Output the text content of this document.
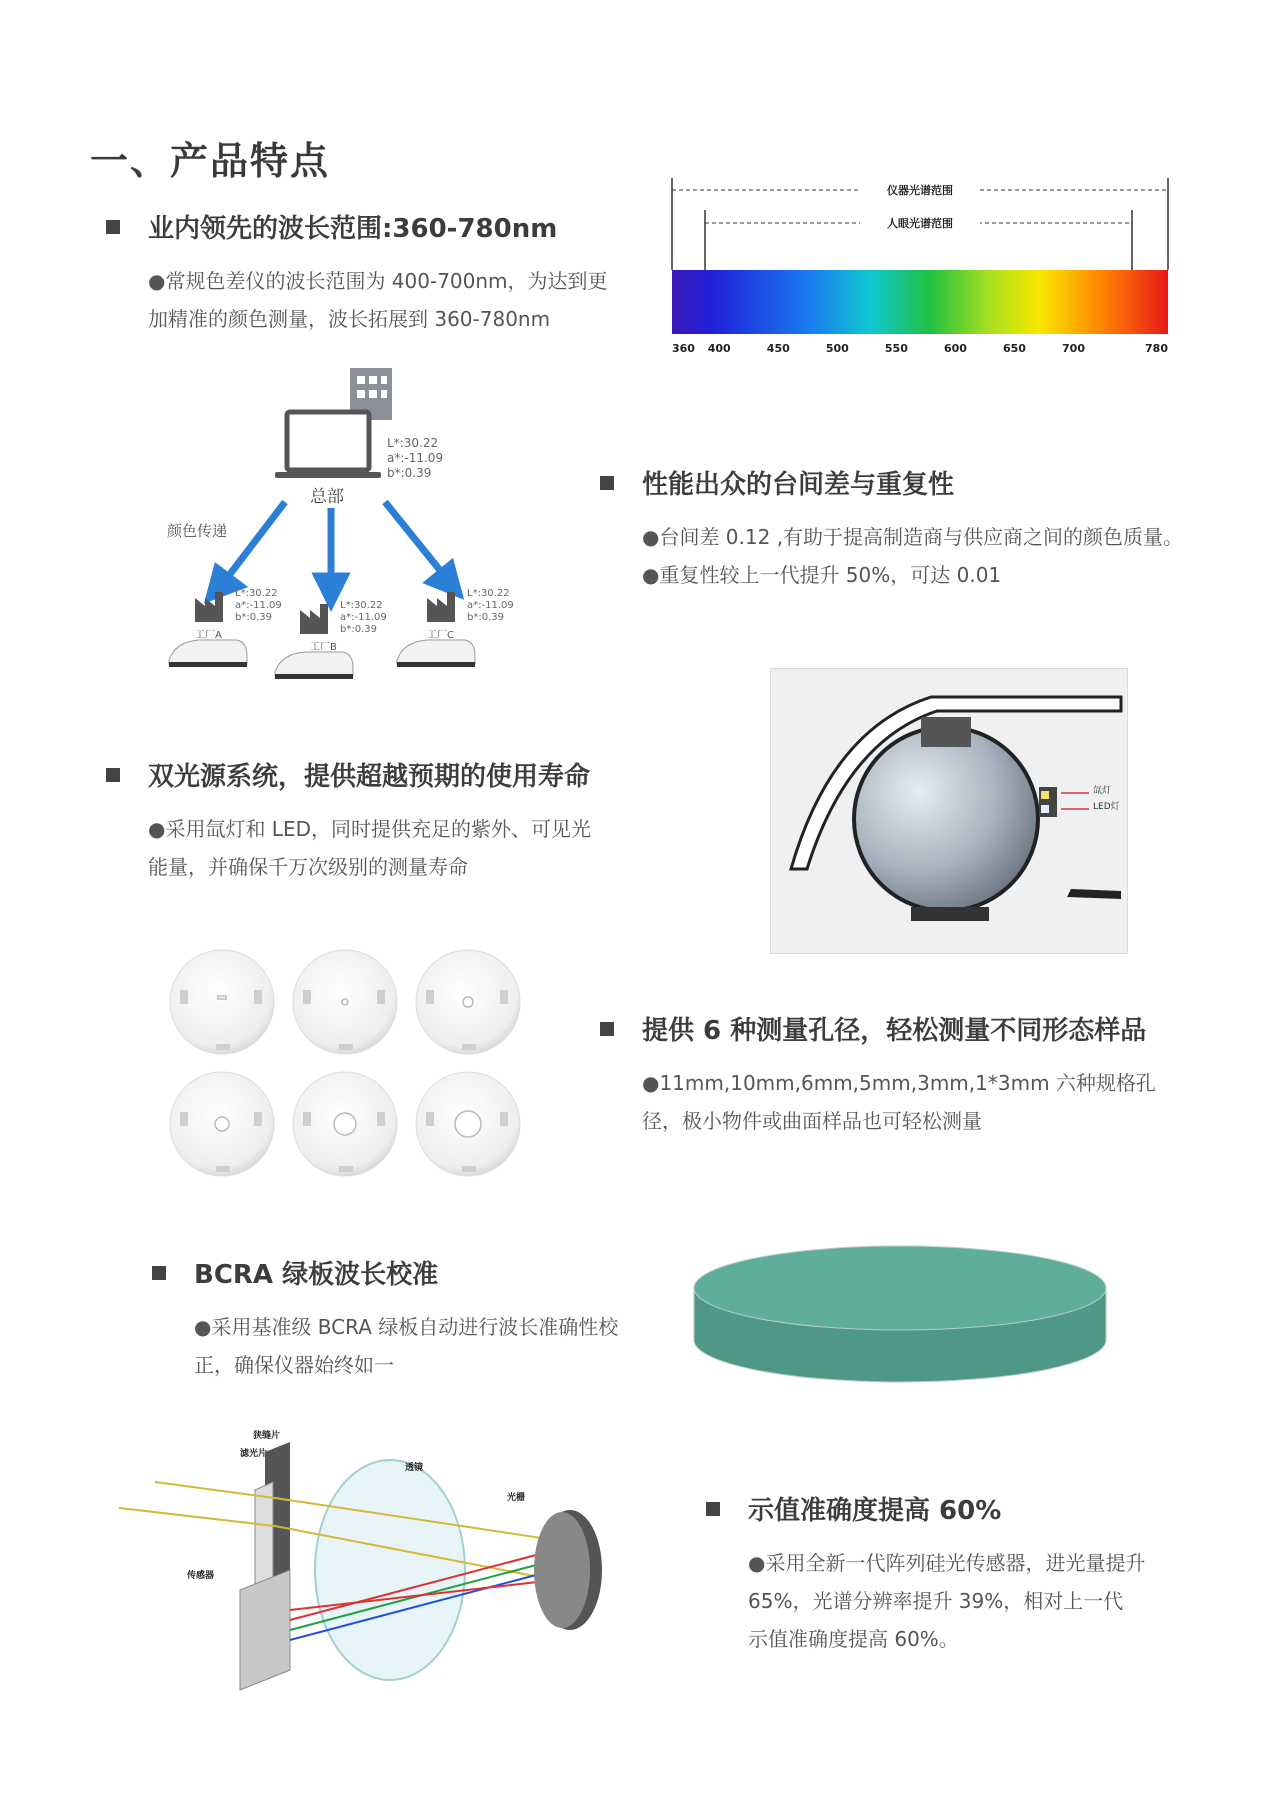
一、产品特点
业内领先的波长范围:360-780nm
●常规色差仪的波长范围为 400-700nm，为达到更
加精准的颜色测量，波长拓展到 360-780nm
仪器光谱范围
人眼光谱范围
360 400	450	500	550	600	650	700	780
L*:30.22
a*:-11.09
b*:0.39
总部
颜色传递
L*:30.22
a*:-11.09
b*:0.39
工厂A
L*:30.22
a*:-11.09
b*:0.39
工厂B
L*:30.22
a*:-11.09
b*:0.39
工厂C
性能出众的台间差与重复性
●台间差 0.12 ,有助于提高制造商与供应商之间的颜色质量。
●重复性较上一代提升 50%，可达 0.01
氙灯
LED灯
双光源系统，提供超越预期的使用寿命
●采用氙灯和 LED，同时提供充足的紫外、可见光
能量，并确保千万次级别的测量寿命
提供 6 种测量孔径，轻松测量不同形态样品
●11mm,10mm,6mm,5mm,3mm,1*3mm 六种规格孔
径，极小物件或曲面样品也可轻松测量
BCRA 绿板波长校准
●采用基准级 BCRA 绿板自动进行波长准确性校
正，确保仪器始终如一
狭缝片
滤光片
透镜
光栅
传感器
示值准确度提高 60%
●采用全新一代阵列硅光传感器，进光量提升
65%，光谱分辨率提升 39%，相对上一代
示值准确度提高 60%。
